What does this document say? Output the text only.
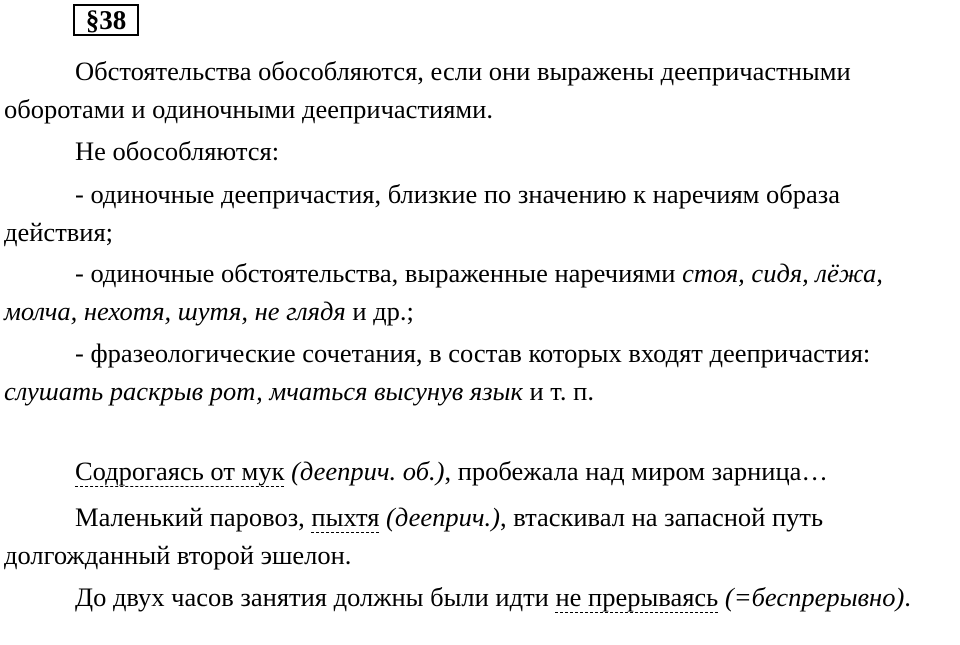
§38

Обстоятельства обособляются, если они выражены деепричастными оборотами и одиночными деепричастиями.

Не обособляются:

- одиночные деепричастия, близкие по значению к наречиям образа действия;

- одиночные обстоятельства, выраженные наречиями стоя, сидя, лёжа, молча, нехотя, шутя, не глядя и др.;

- фразеологические сочетания, в состав которых входят деепричастия: слушать раскрыв рот, мчаться высунув язык и т. п.

Содрогаясь от мук (дееприч. об.), пробежала над миром зарница…

Маленький паровоз, пыхтя (дееприч.), втаскивал на запасной путь долгожданный второй эшелон.

До двух часов занятия должны были идти не прерываясь (=беспрерывно).
